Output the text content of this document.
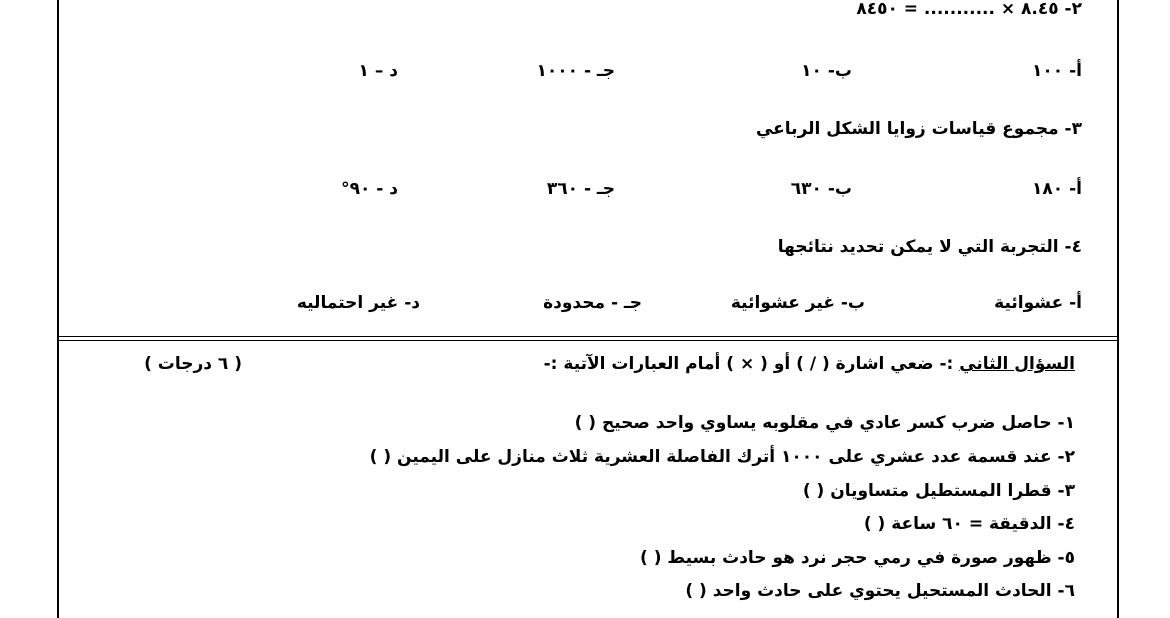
٢- ٨.٤٥ × ........... = ٨٤٥٠
أ- ١٠٠
ب- ١٠
جـ - ١٠٠٠
د – ١
٣- مجموع قياسات زوايا الشكل الرباعي
أ- ١٨٠
ب- ٦٣٠
جـ - ٣٦٠
د - ٩٠°
٤- التجربة التي لا يمكن تحديد نتائجها
أ- عشوائية
ب- غير عشوائية
جـ - محدودة
د- غير احتماليه
السؤال الثاني :- ضعي اشارة ( / ) أو ( × ) أمام العبارات الآتية :-
( ٦ درجات )
١- حاصل ضرب كسر عادي في مقلوبه يساوي واحد صحيح ( )
٢- عند قسمة عدد عشري على ١٠٠٠ أترك الفاصلة العشرية ثلاث منازل على اليمين ( )
٣- قطرا المستطيل متساويان ( )
٤- الدقيقة = ٦٠ ساعة ( )
٥- ظهور صورة في رمي حجر نرد هو حادث بسيط ( )
٦- الحادث المستحيل يحتوي على حادث واحد ( )
